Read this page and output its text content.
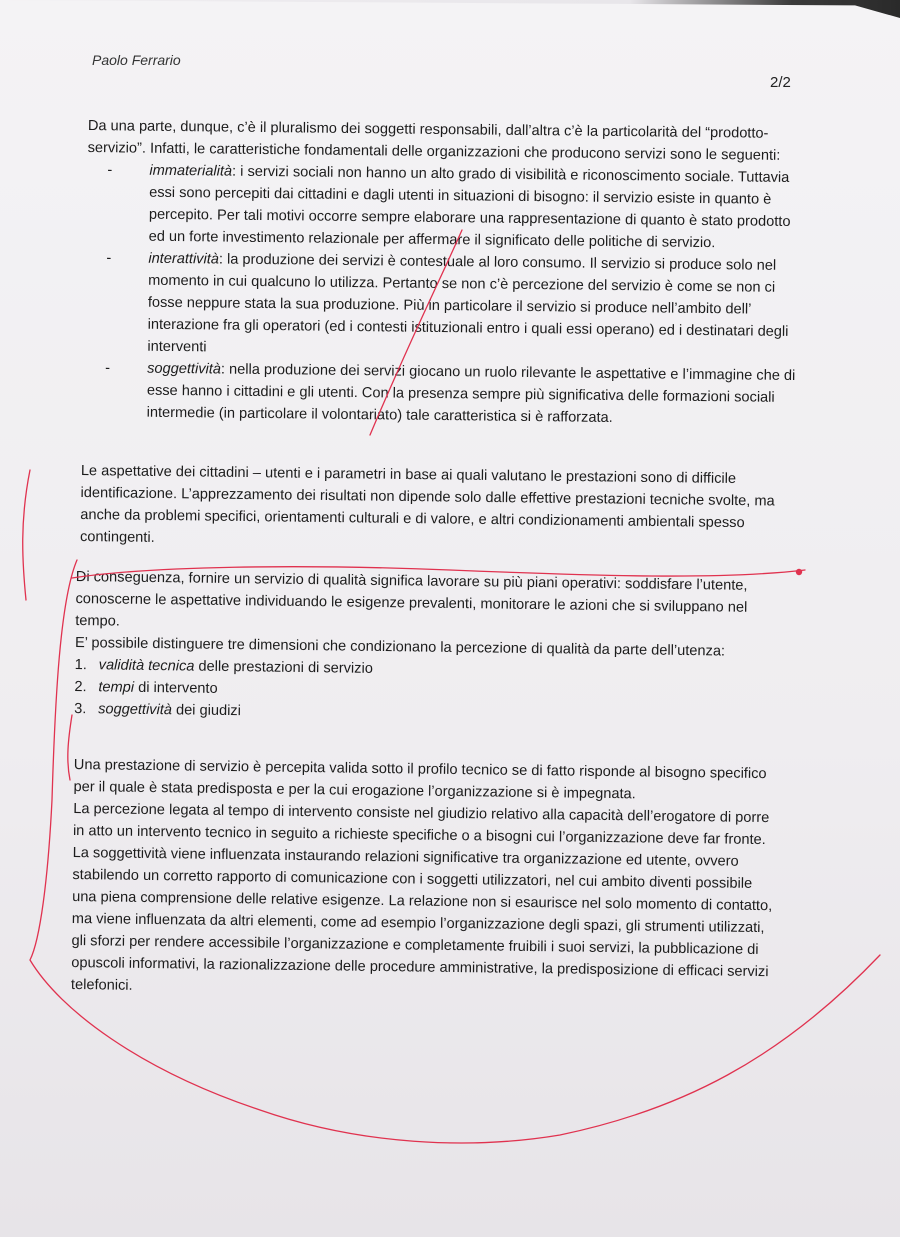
Paolo Ferrario
2/2
Da una parte, dunque, c’è il pluralismo dei soggetti responsabili, dall’altra c’è la particolarità del “prodotto-
servizio”. Infatti, le caratteristiche fondamentali delle organizzazioni che producono servizi sono le seguenti:
-	immaterialità: i servizi sociali non hanno un alto grado di visibilità e riconoscimento sociale. Tuttavia
essi sono percepiti dai cittadini e dagli utenti in situazioni di bisogno: il servizio esiste in quanto è
percepito. Per tali motivi occorre sempre elaborare una rappresentazione di quanto è stato prodotto
ed un forte investimento relazionale per affermare il significato delle politiche di servizio.
-	interattività: la produzione dei servizi è contestuale al loro consumo. Il servizio si produce solo nel
momento in cui qualcuno lo utilizza. Pertanto se non c’è percezione del servizio è come se non ci
fosse neppure stata la sua produzione. Più in particolare il servizio si produce nell’ambito dell’
interazione fra gli operatori (ed i contesti istituzionali entro i quali essi operano) ed i destinatari degli
interventi
-	soggettività: nella produzione dei servizi giocano un ruolo rilevante le aspettative e l’immagine che di
esse hanno i cittadini e gli utenti. Con la presenza sempre più significativa delle formazioni sociali
intermedie (in particolare il volontariato) tale caratteristica si è rafforzata.
Le aspettative dei cittadini – utenti e i parametri in base ai quali valutano le prestazioni sono di difficile
identificazione. L’apprezzamento dei risultati non dipende solo dalle effettive prestazioni tecniche svolte, ma
anche da problemi specifici, orientamenti culturali e di valore, e altri condizionamenti ambientali spesso
contingenti.
Di conseguenza, fornire un servizio di qualità significa lavorare su più piani operativi: soddisfare l’utente,
conoscerne le aspettative individuando le esigenze prevalenti, monitorare le azioni che si sviluppano nel
tempo.
E’ possibile distinguere tre dimensioni che condizionano la percezione di qualità da parte dell’utenza:
1. validità tecnica delle prestazioni di servizio
2. tempi di intervento
3. soggettività dei giudizi
Una prestazione di servizio è percepita valida sotto il profilo tecnico se di fatto risponde al bisogno specifico
per il quale è stata predisposta e per la cui erogazione l’organizzazione si è impegnata.
La percezione legata al tempo di intervento consiste nel giudizio relativo alla capacità dell’erogatore di porre
in atto un intervento tecnico in seguito a richieste specifiche o a bisogni cui l’organizzazione deve far fronte.
La soggettività viene influenzata instaurando relazioni significative tra organizzazione ed utente, ovvero
stabilendo un corretto rapporto di comunicazione con i soggetti utilizzatori, nel cui ambito diventi possibile
una piena comprensione delle relative esigenze. La relazione non si esaurisce nel solo momento di contatto,
ma viene influenzata da altri elementi, come ad esempio l’organizzazione degli spazi, gli strumenti utilizzati,
gli sforzi per rendere accessibile l’organizzazione e completamente fruibili i suoi servizi, la pubblicazione di
opuscoli informativi, la razionalizzazione delle procedure amministrative, la predisposizione di efficaci servizi
telefonici.
